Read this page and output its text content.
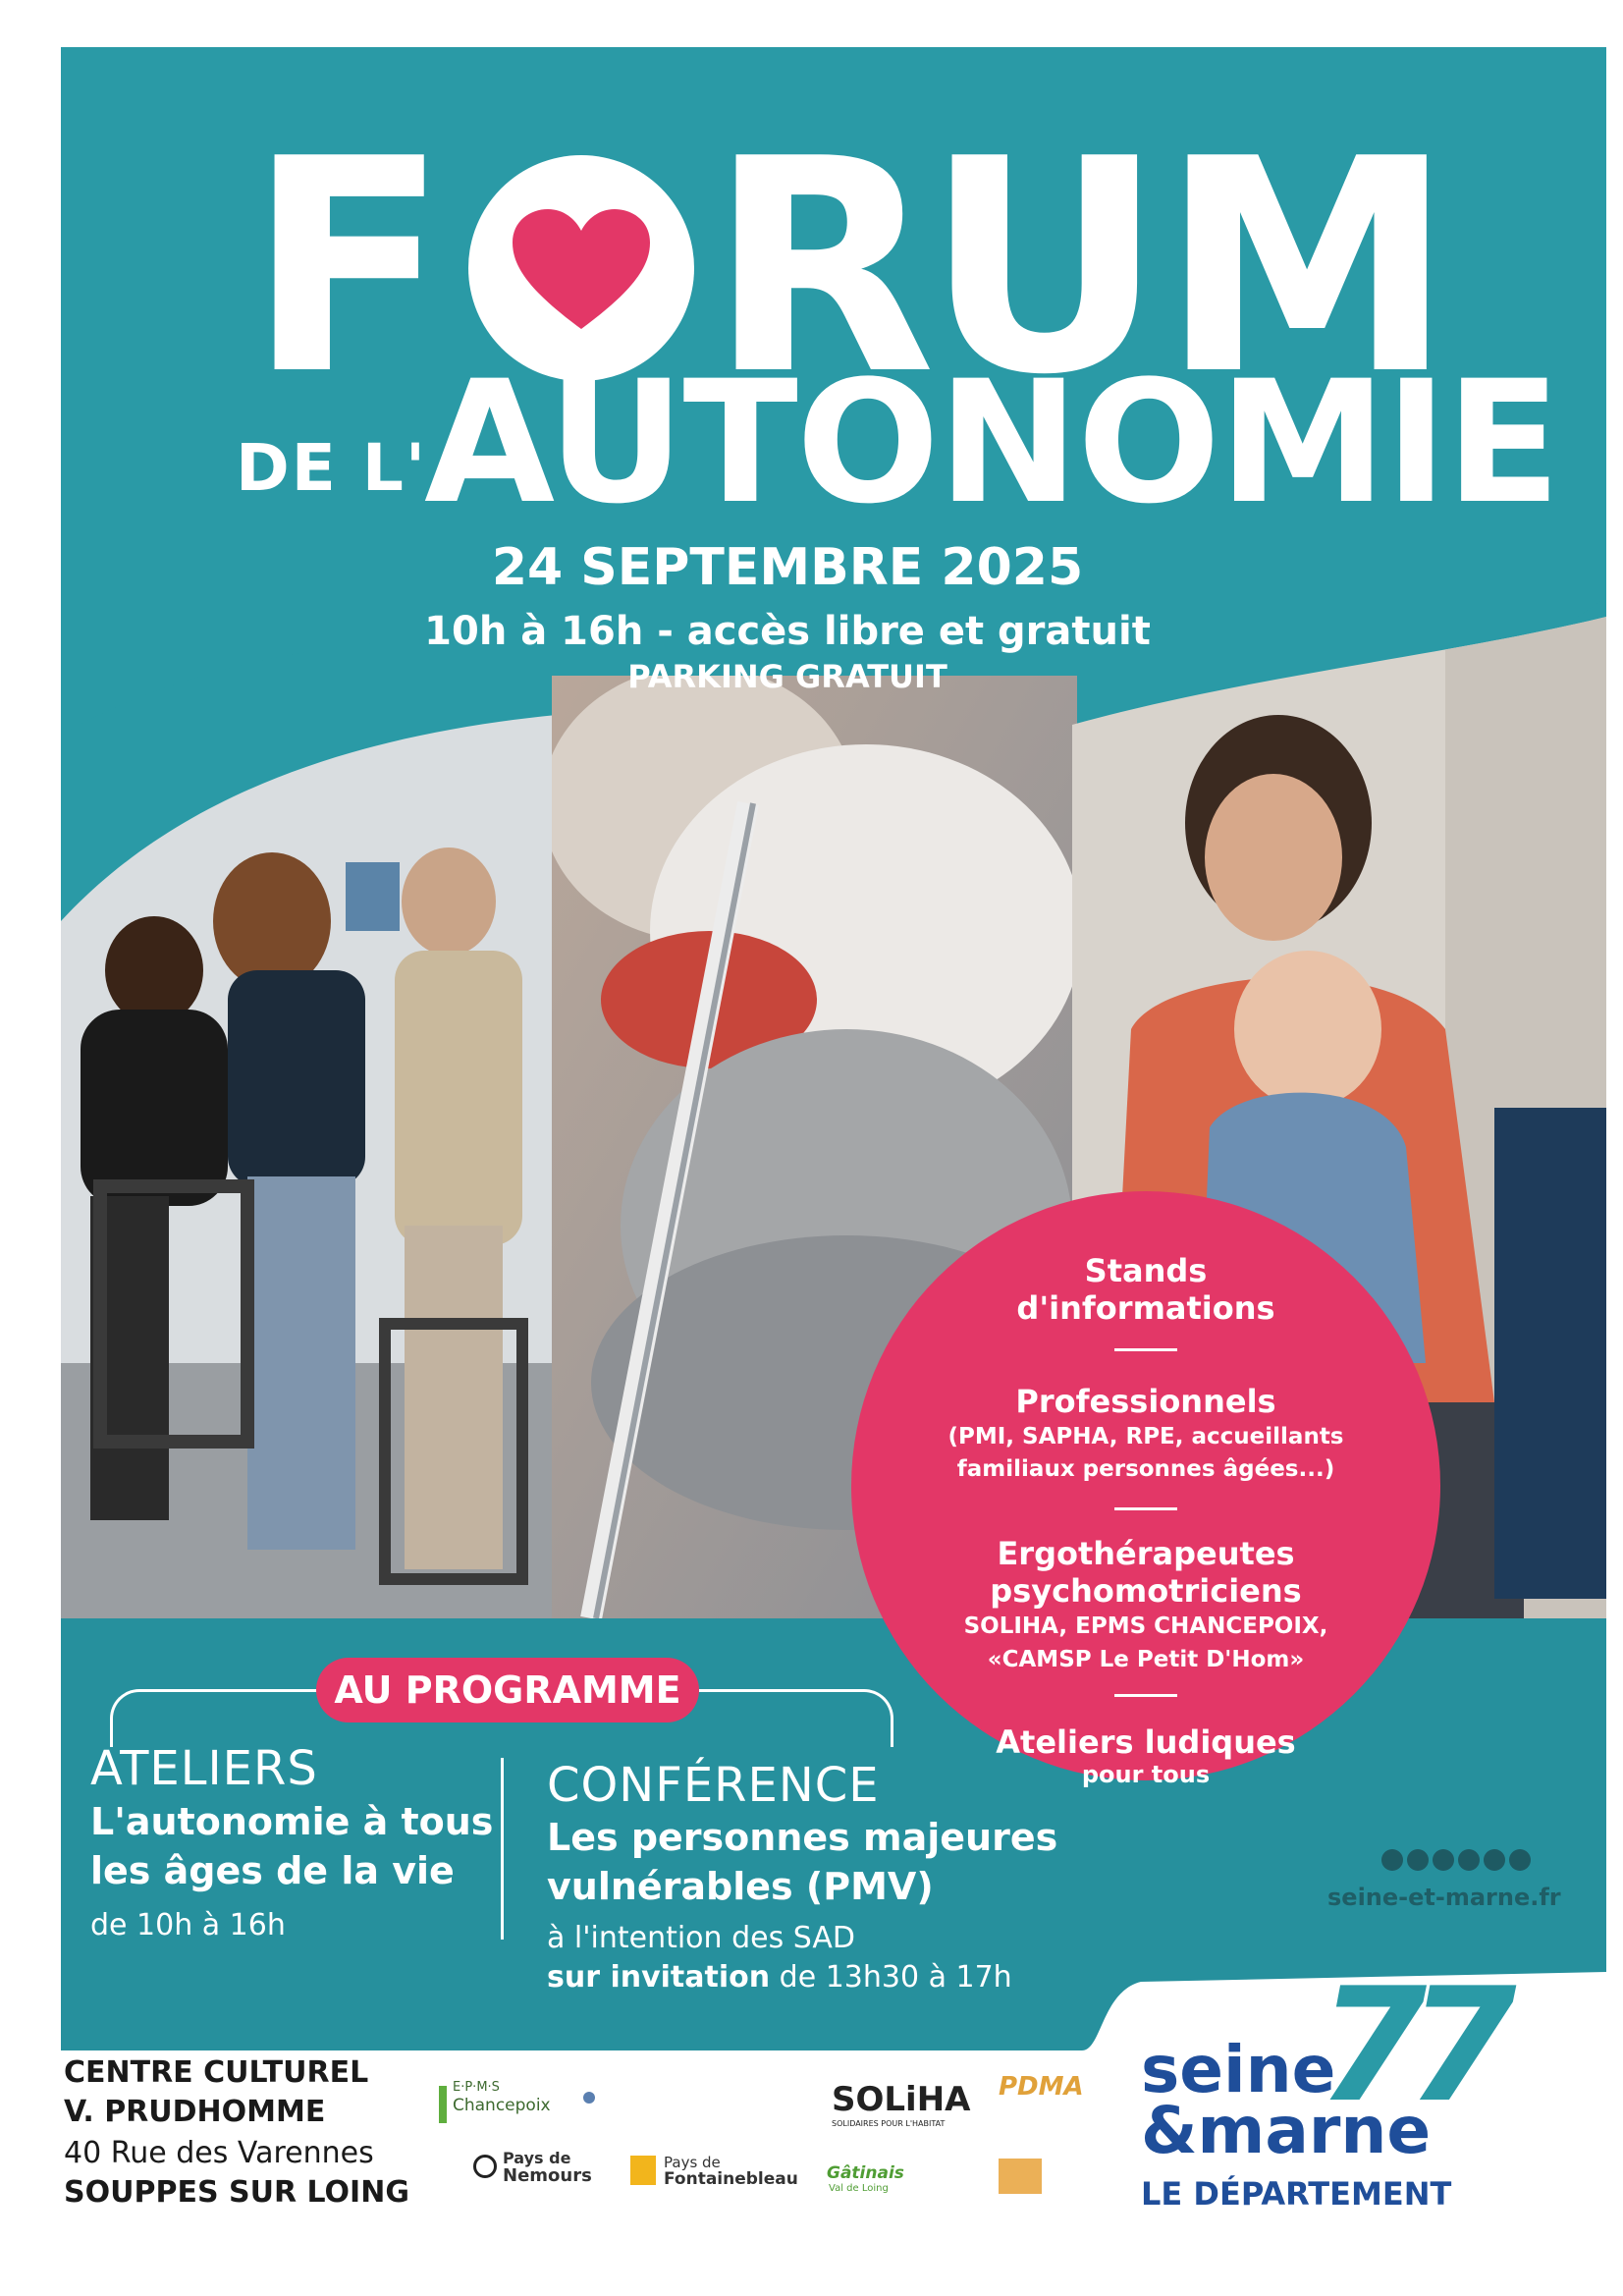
F R
U M
DE L'
AUTONOMIE
24 SEPTEMBRE 2025
10h à 16h - accès libre et gratuit
PARKING GRATUIT
Stands
d'informations
Professionnels
(PMI, SAPHA, RPE, accueillants
familiaux personnes âgées...)
Ergothérapeutes
psychomotriciens
SOLIHA, EPMS CHANCEPOIX,
«CAMSP Le Petit D'Hom»
Ateliers ludiques
pour tous
AU PROGRAMME
ATELIERS
L'autonomie à tous
les âges de la vie
de 10h à 16h
CONFÉRENCE
Les personnes majeures
vulnérables (PMV)
à l'intention des SAD
sur invitation de 13h30 à 17h
seine-et-marne.fr
CENTRE CULTUREL
V. PRUDHOMME
40 Rue des Varennes
SOUPPES SUR LOING
E·P·M·S
Chancepoix	SOLiHA
SOLIDAIRES POUR L'HABITAT
PDMA
Pays de
Nemours
Pays de
Fontainebleau Gâtinais
Val de Loing
77
seine
&marne
LE DÉPARTEMENT
